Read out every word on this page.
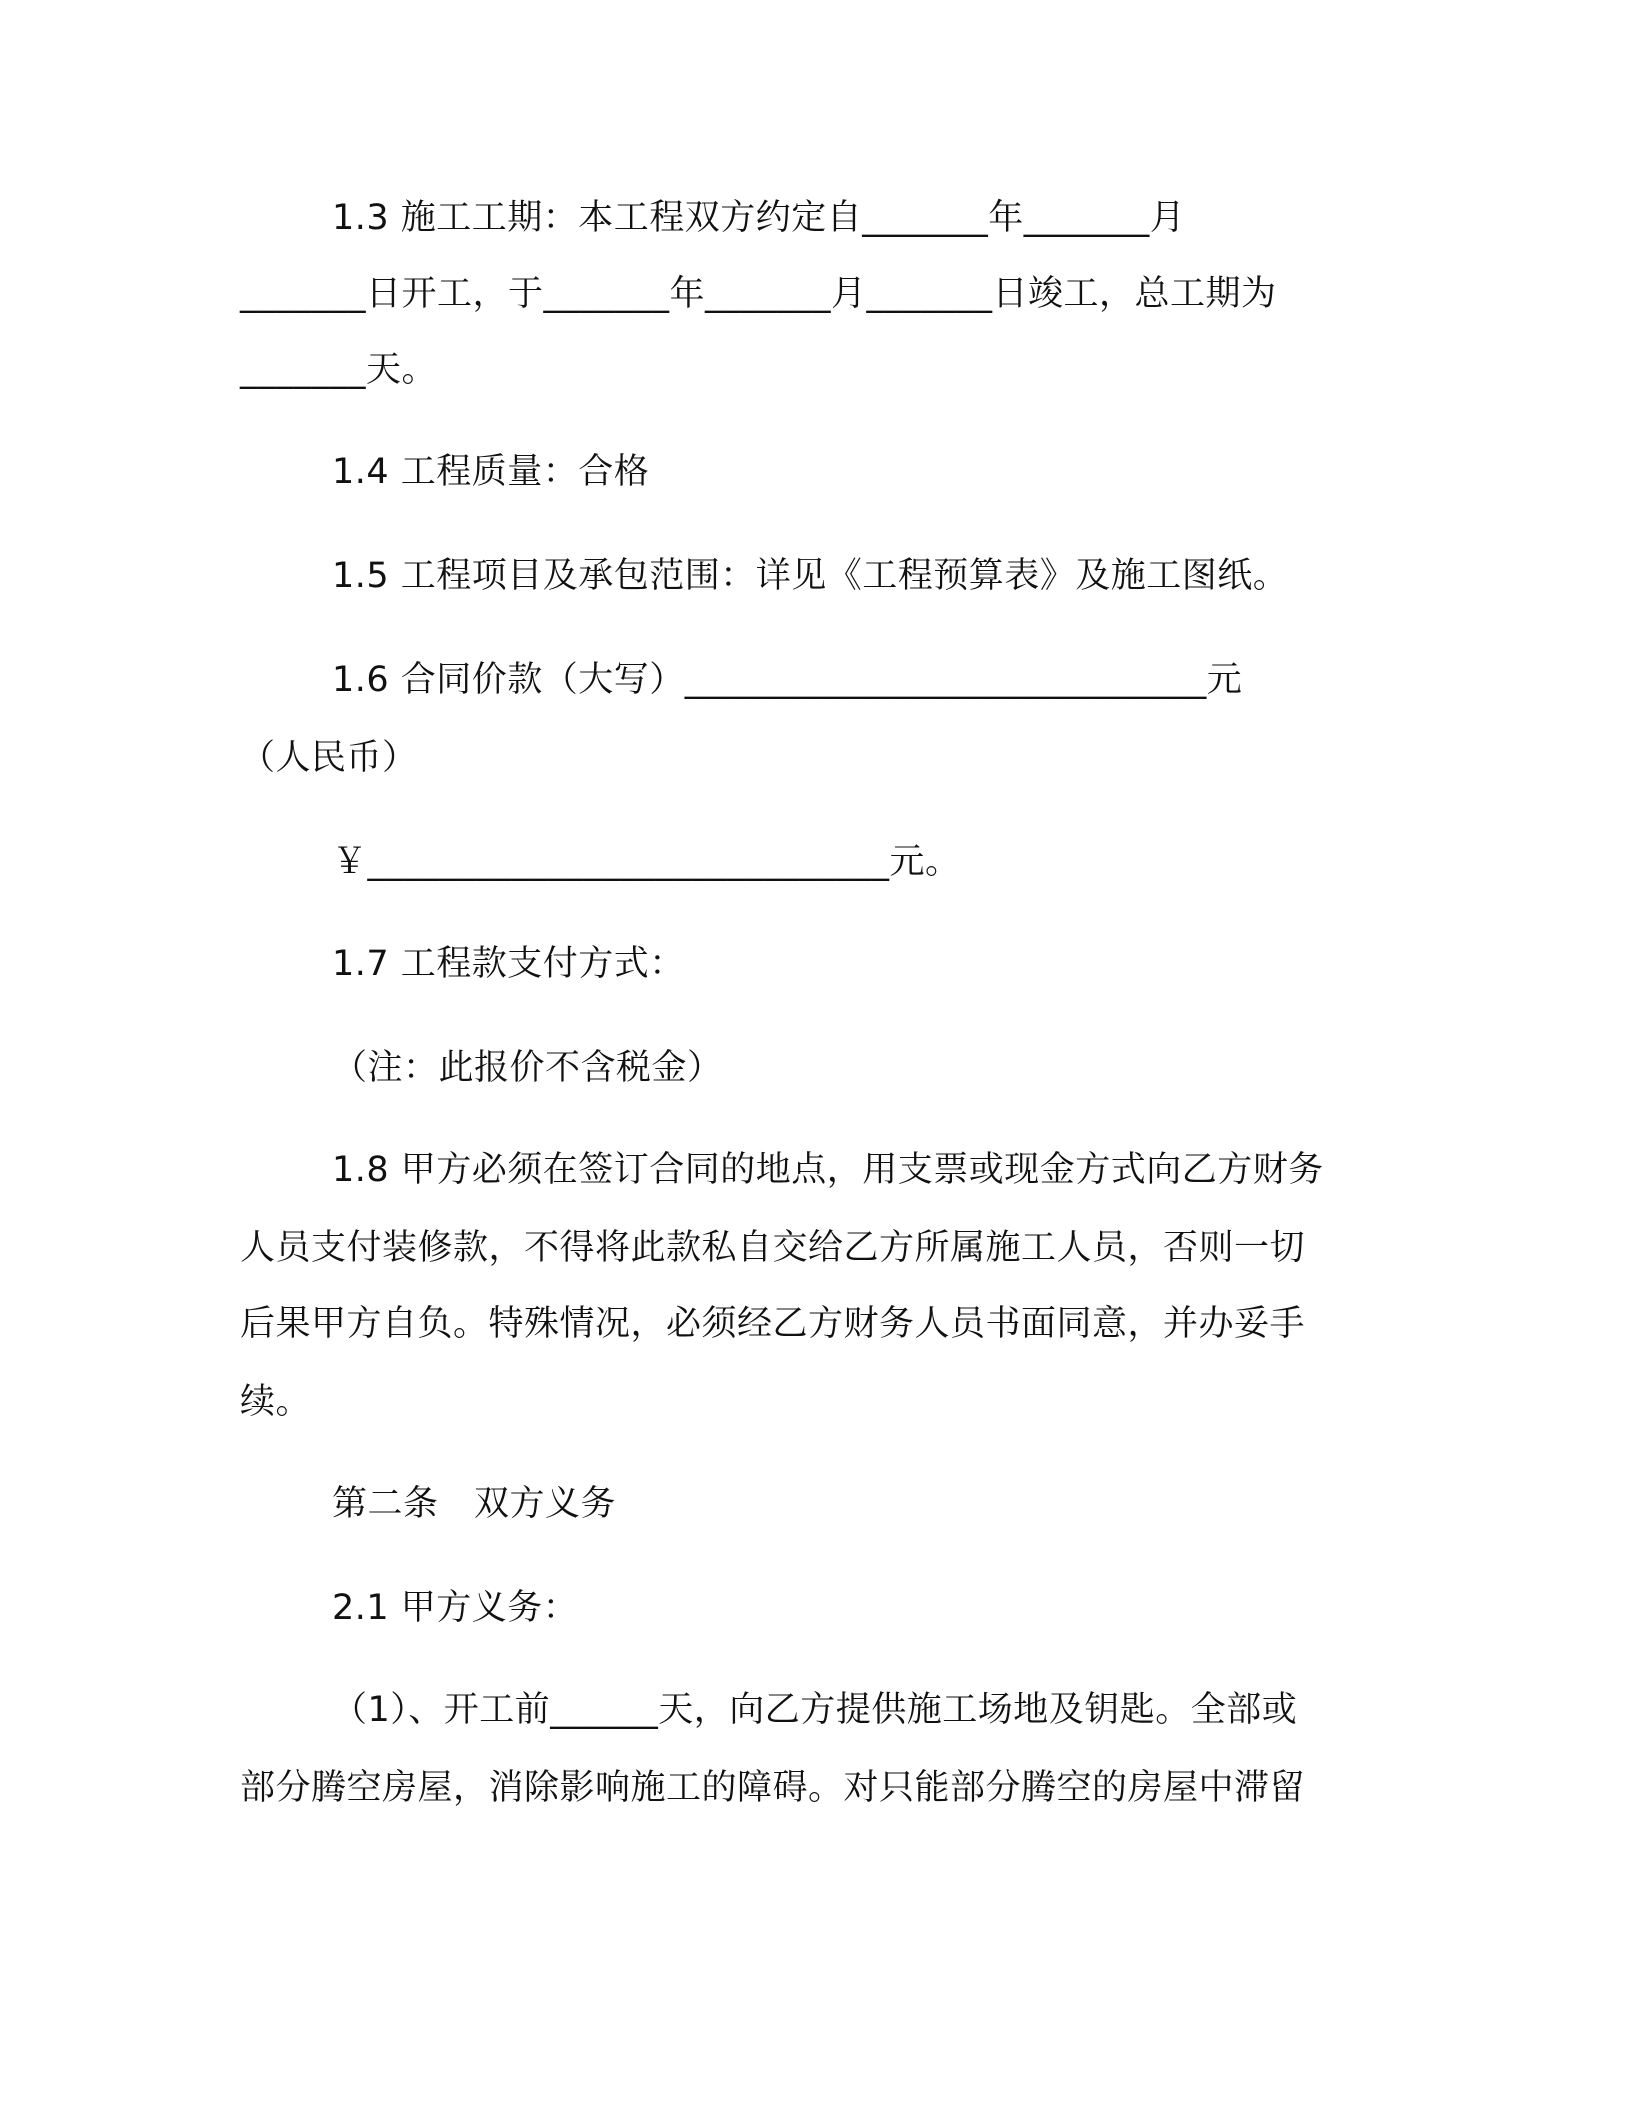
1.3 施工工期：本工程双方约定自_______年_______月
_______日开工，于_______年_______月_______日竣工，总工期为
_______天。
1.4 工程质量：合格
1.5 工程项目及承包范围：详见《工程预算表》及施工图纸。
1.6 合同价款（大写）_____________________________元
（人民币）
￥_____________________________元。
1.7 工程款支付方式：
（注：此报价不含税金）
1.8 甲方必须在签订合同的地点，用支票或现金方式向乙方财务
人员支付装修款，不得将此款私自交给乙方所属施工人员，否则一切
后果甲方自负。特殊情况，必须经乙方财务人员书面同意，并办妥手
续。
第二条　双方义务
2.1 甲方义务：
（1）、开工前______天，向乙方提供施工场地及钥匙。全部或
部分腾空房屋，消除影响施工的障碍。对只能部分腾空的房屋中滞留
